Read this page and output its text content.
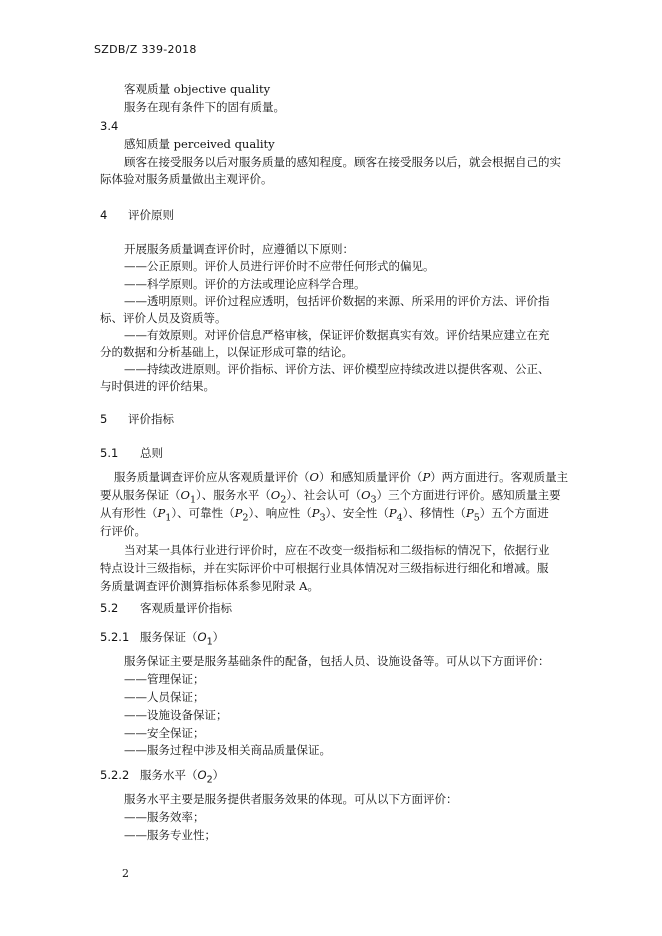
SZDB/Z 339-2018
客观质量 objective quality
服务在现有条件下的固有质量。
3.4
感知质量 perceived quality
顾客在接受服务以后对服务质量的感知程度。顾客在接受服务以后，就会根据自己的实
际体验对服务质量做出主观评价。
4 评价原则
开展服务质量调查评价时，应遵循以下原则：
——公正原则。评价人员进行评价时不应带任何形式的偏见。
——科学原则。评价的方法或理论应科学合理。
——透明原则。评价过程应透明，包括评价数据的来源、所采用的评价方法、评价指
标、评价人员及资质等。
——有效原则。对评价信息严格审核，保证评价数据真实有效。评价结果应建立在充
分的数据和分析基础上，以保证形成可靠的结论。
——持续改进原则。评价指标、评价方法、评价模型应持续改进以提供客观、公正、
与时俱进的评价结果。
5 评价指标
5.1 总则
服务质量调查评价应从客观质量评价（O）和感知质量评价（P）两方面进行。客观质量主
要从服务保证$(O_1)$、服务水平$(O_2)$、社会认可$(O_3)$三个方面进行评价。感知质量主要
从有形性$(P_1)$、可靠性$(P_2)$、响应性$(P_3)$、安全性$(P_4)$、移情性$(P_5)$五个方面进
行评价。
当对某一具体行业进行评价时，应在不改变一级指标和二级指标的情况下，依据行业
特点设计三级指标，并在实际评价中可根据行业具体情况对三级指标进行细化和增减。服
务质量调查评价测算指标体系参见附录 A。
5.2 客观质量评价指标
5.2.1 服务保证$(O_1)$
服务保证主要是服务基础条件的配备，包括人员、设施设备等。可从以下方面评价：
——管理保证；
——人员保证；
——设施设备保证；
——安全保证；
——服务过程中涉及相关商品质量保证。
5.2.2 服务水平$(O_2)$
服务水平主要是服务提供者服务效果的体现。可从以下方面评价：
——服务效率；
——服务专业性；
2
